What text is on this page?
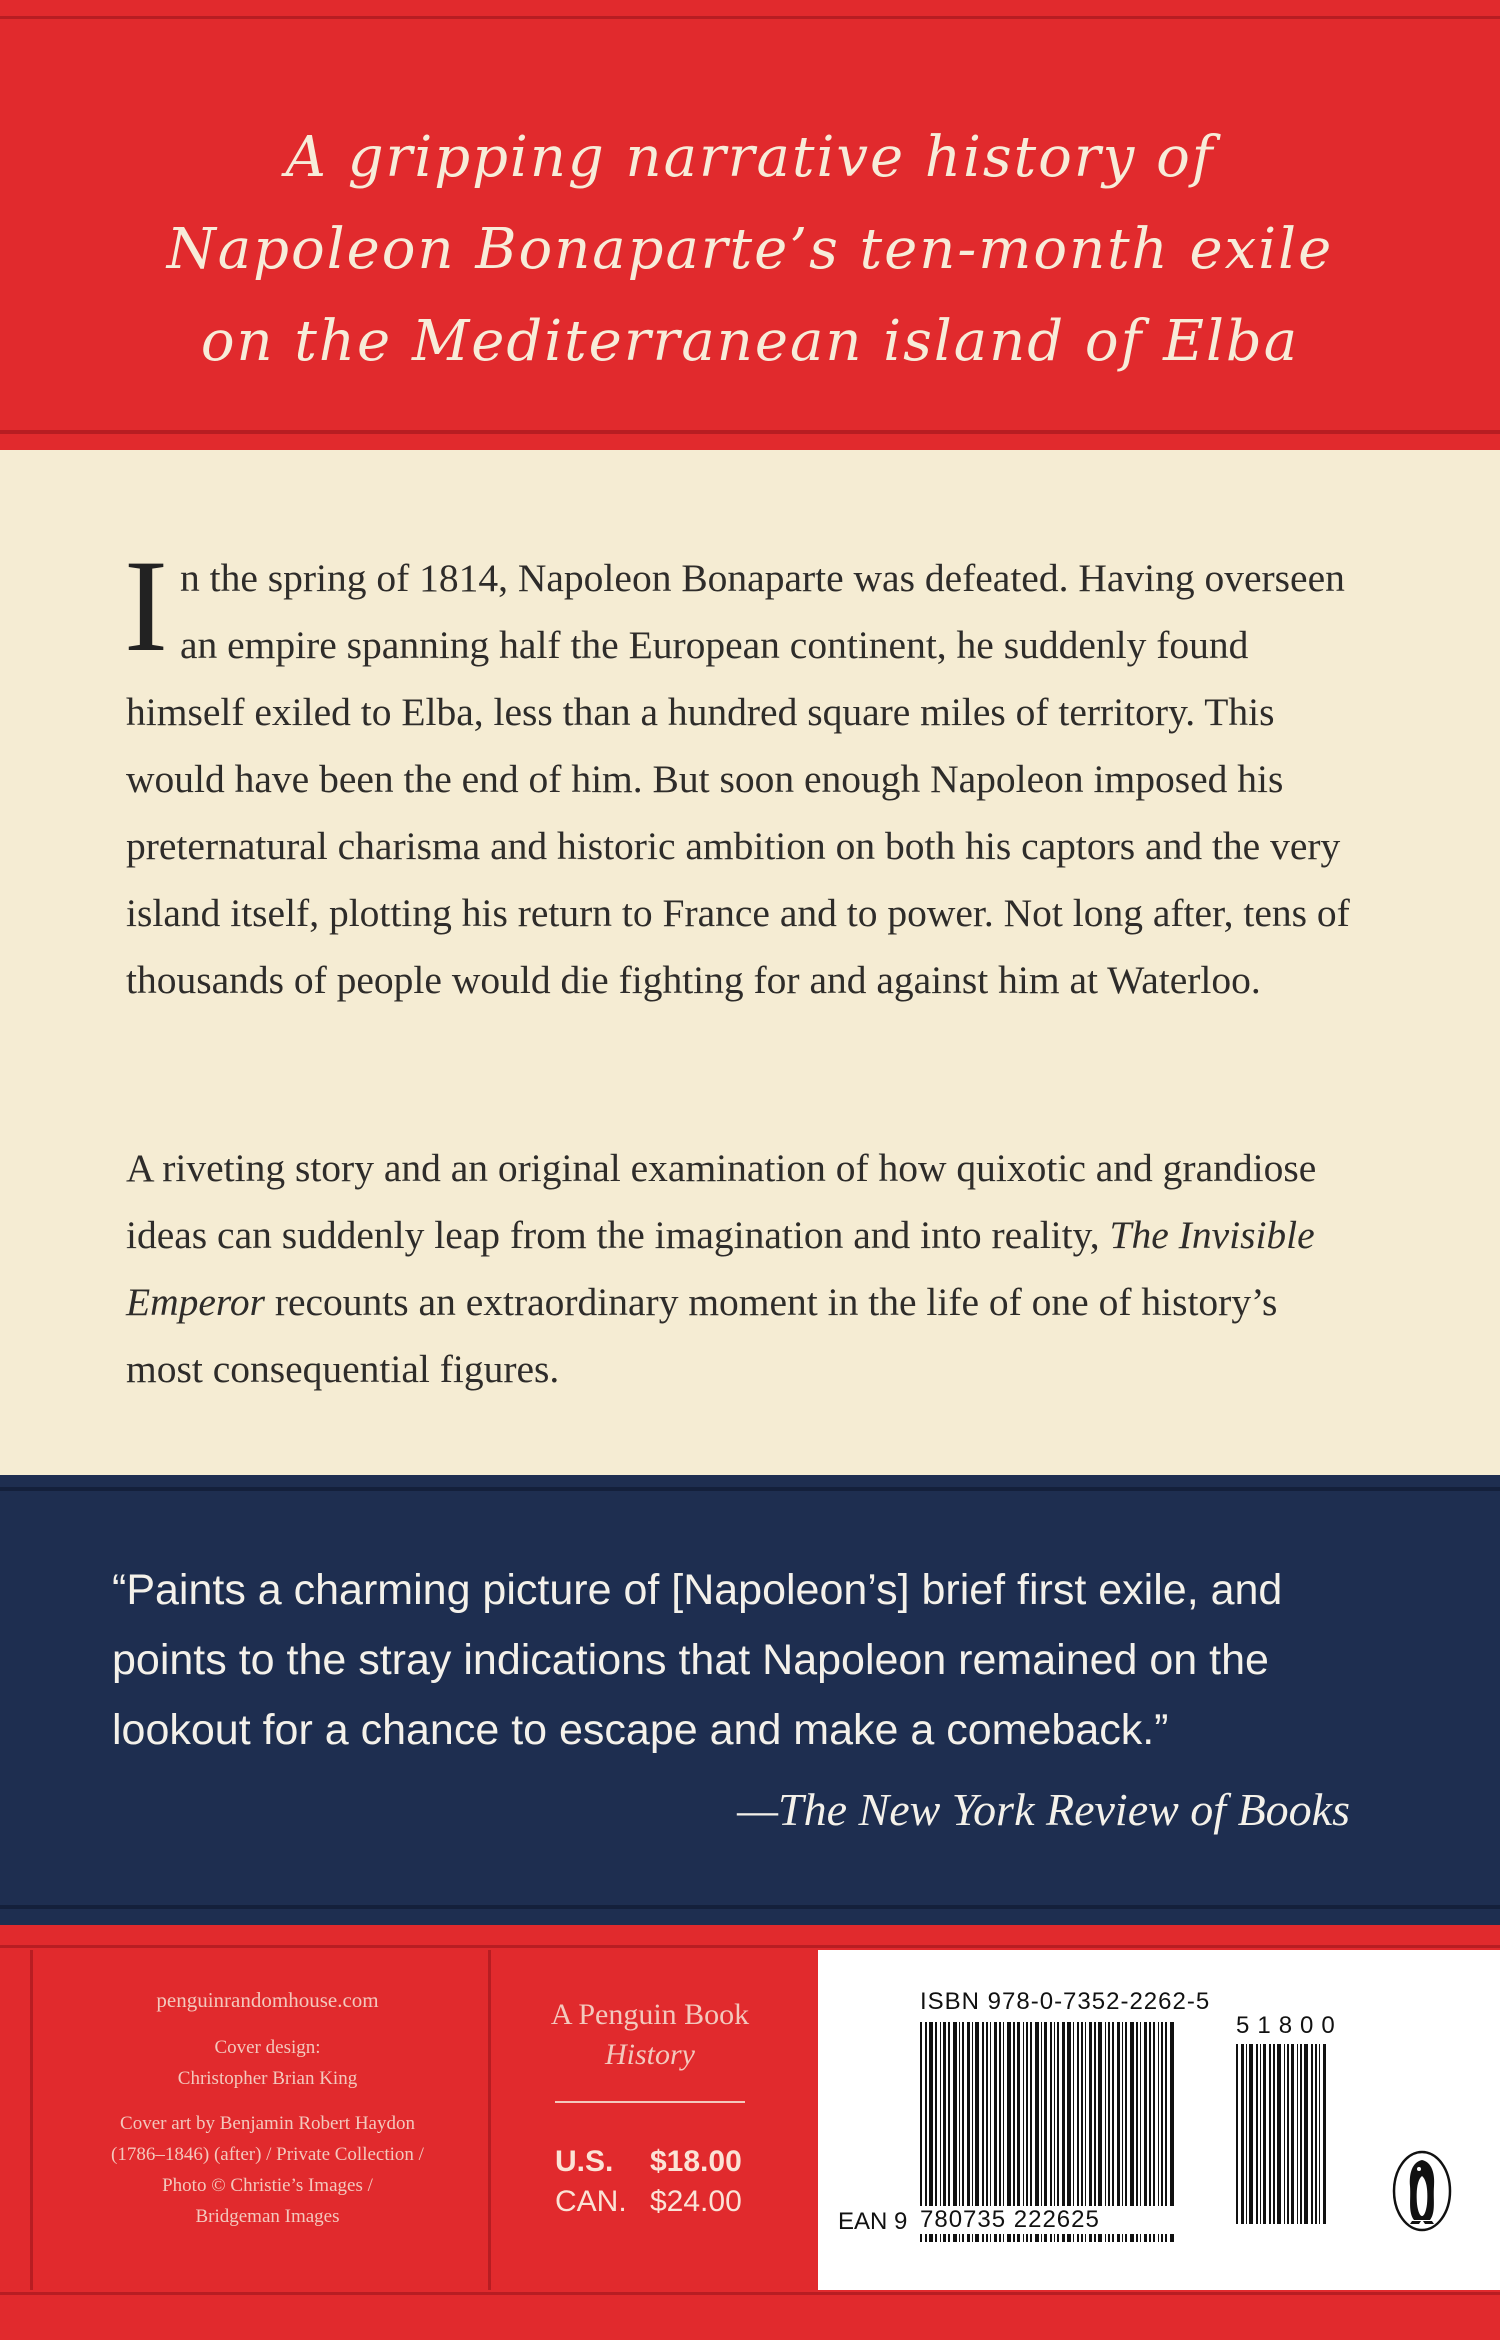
A gripping narrative history of
Napoleon Bonaparte’s ten-month exile
on the Mediterranean island of Elba

In the spring of 1814, Napoleon Bonaparte was defeated. Having overseen an empire spanning half the European continent, he suddenly found himself exiled to Elba, less than a hundred square miles of territory. This would have been the end of him. But soon enough Napoleon imposed his preternatural charisma and historic ambition on both his captors and the very island itself, plotting his return to France and to power. Not long after, tens of thousands of people would die fighting for and against him at Waterloo.

A riveting story and an original examination of how quixotic and grandiose ideas can suddenly leap from the imagination and into reality, The Invisible Emperor recounts an extraordinary moment in the life of one of history’s most consequential figures.

“Paints a charming picture of [Napoleon’s] brief first exile, and points to the stray indications that Napoleon remained on the lookout for a chance to escape and make a comeback.”

—The New York Review of Books
penguinrandomhouse.com
Cover design:
Christopher Brian King
Cover art by Benjamin Robert Haydon
(1786–1846) (after) / Private Collection /
Photo © Christie’s Images /
Bridgeman Images
A Penguin Book
History
U.S. $18.00
CAN. $24.00
ISBN 978-0-7352-2262-5
EAN 9 780735 222625
51800
